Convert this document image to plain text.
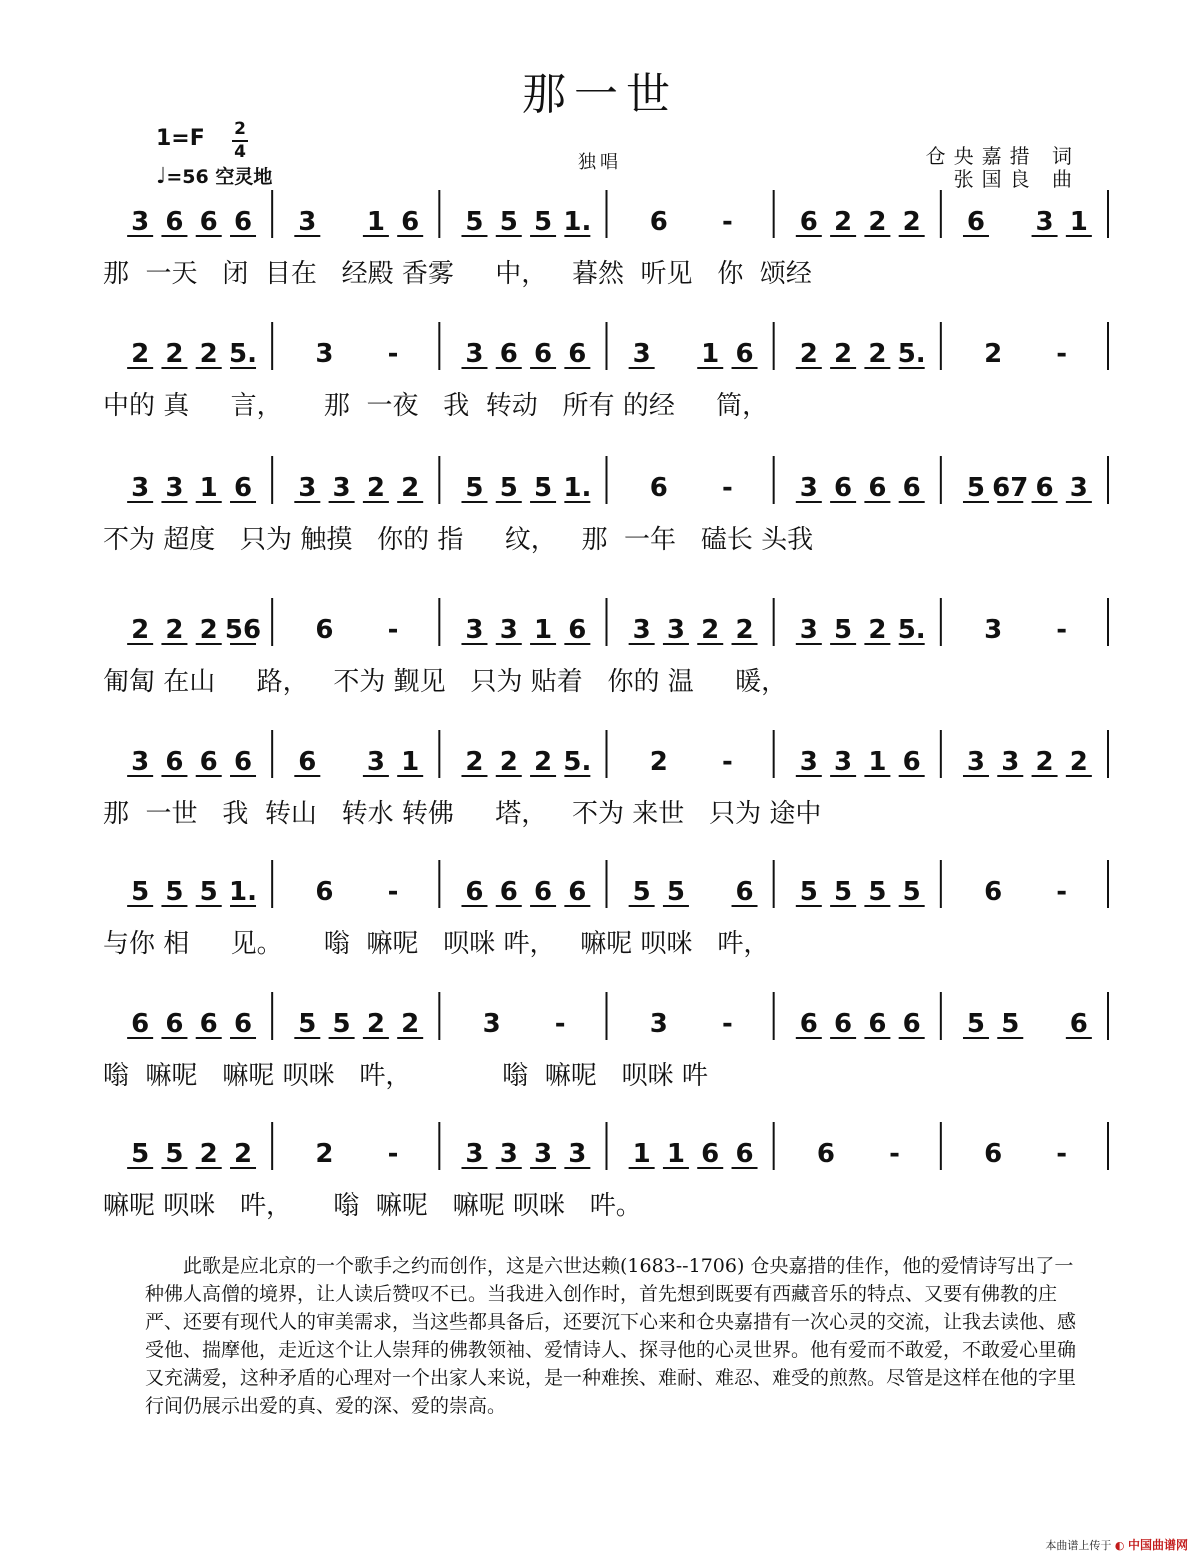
那一世
1=F 2
4
♩=56 空灵地
独唱	仓央嘉措 词
张国良 曲
3 6 6 6 3 1 6 5 5 5 1. 6 -	6 2 2 2 6 3 1
2 2 2 5. 3 -	3 6 6 6 3 1 6 2 2 2 5. 2 -
3 3 1 6 3 3 2 2 5 5 5 1. 6 -	3 6 6 6 5 67 6 3
2 2 2 56 6 -	3 3 1 6 3 3 2 2 3 5 2 5. 3 -
3 6 6 6 6 3 1 2 2 2 5. 2 -	3 3 1 6 3 3 2 2
5 5 5 1. 6 -	6 6 6 6 5 5 6 5 5 5 5 6 -
6 6 6 6 5 5 2 2 3 -	3 -	6 6 6 6 5 5 6
5 5 2 2 2 -	3 3 3 3 1 1 6 6 6 -	6 -
那  一天   闭  目在   经殿 香雾     中，   暮然  听见   你  颂经
中的 真     言，     那  一夜   我  转动   所有 的经     筒，
不为 超度   只为 触摸   你的 指     纹，   那  一年   磕长 头我
匍匐 在山     路，   不为 觐见   只为 贴着   你的 温     暖，
那  一世   我  转山   转水 转佛     塔，   不为 来世   只为 途中
与你 相     见。     嗡  嘛呢   呗咪 吽，   嘛呢 呗咪   吽，
嗡  嘛呢   嘛呢 呗咪   吽，           嗡  嘛呢   呗咪 吽
嘛呢 呗咪   吽，     嗡  嘛呢   嘛呢 呗咪   吽。
此歌是应北京的一个歌手之约而创作，这是六世达赖(1683--1706) 仓央嘉措的佳作，他的爱情诗写出了一种佛人高僧的境界，让人读后赞叹不已。当我进入创作时，首先想到既要有西藏音乐的特点、又要有佛教的庄严、还要有现代人的审美需求，当这些都具备后，还要沉下心来和仓央嘉措有一次心灵的交流，让我去读他、感受他、揣摩他，走近这个让人崇拜的佛教领袖、爱情诗人、探寻他的心灵世界。他有爱而不敢爱，不敢爱心里确又充满爱，这种矛盾的心理对一个出家人来说，是一种难挨、难耐、难忍、难受的煎熬。尽管是这样在他的字里行间仍展示出爱的真、爱的深、爱的崇高。
本曲谱上传于 ◐ 中国曲谱网
